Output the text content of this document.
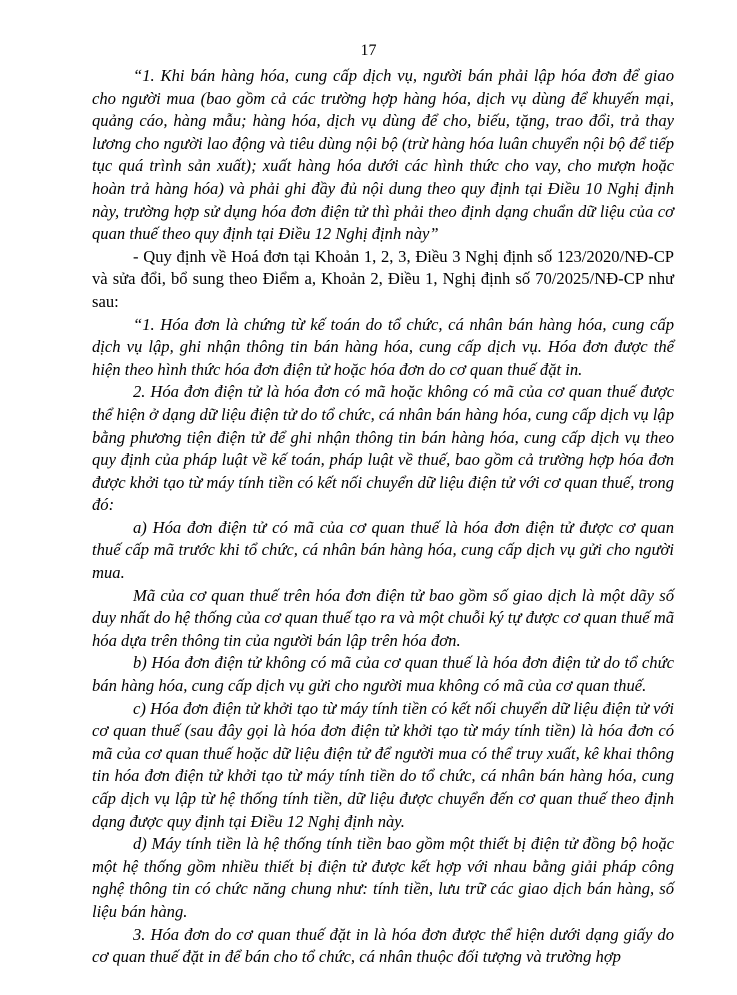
17

“1. Khi bán hàng hóa, cung cấp dịch vụ, người bán phải lập hóa đơn để giao cho người mua (bao gồm cả các trường hợp hàng hóa, dịch vụ dùng để khuyến mại, quảng cáo, hàng mẫu; hàng hóa, dịch vụ dùng để cho, biếu, tặng, trao đổi, trả thay lương cho người lao động và tiêu dùng nội bộ (trừ hàng hóa luân chuyển nội bộ để tiếp tục quá trình sản xuất); xuất hàng hóa dưới các hình thức cho vay, cho mượn hoặc hoàn trả hàng hóa) và phải ghi đầy đủ nội dung theo quy định tại Điều 10 Nghị định này, trường hợp sử dụng hóa đơn điện tử thì phải theo định dạng chuẩn dữ liệu của cơ quan thuế theo quy định tại Điều 12 Nghị định này”

- Quy định về Hoá đơn tại Khoản 1, 2, 3, Điều 3 Nghị định số 123/2020/NĐ-CP và sửa đổi, bổ sung theo Điểm a, Khoản 2, Điều 1, Nghị định số 70/2025/NĐ-CP như sau:

“1. Hóa đơn là chứng từ kế toán do tổ chức, cá nhân bán hàng hóa, cung cấp dịch vụ lập, ghi nhận thông tin bán hàng hóa, cung cấp dịch vụ. Hóa đơn được thể hiện theo hình thức hóa đơn điện tử hoặc hóa đơn do cơ quan thuế đặt in.

2. Hóa đơn điện tử là hóa đơn có mã hoặc không có mã của cơ quan thuế được thể hiện ở dạng dữ liệu điện tử do tổ chức, cá nhân bán hàng hóa, cung cấp dịch vụ lập bằng phương tiện điện tử để ghi nhận thông tin bán hàng hóa, cung cấp dịch vụ theo quy định của pháp luật về kế toán, pháp luật về thuế, bao gồm cả trường hợp hóa đơn được khởi tạo từ máy tính tiền có kết nối chuyển dữ liệu điện tử với cơ quan thuế, trong đó:

a) Hóa đơn điện tử có mã của cơ quan thuế là hóa đơn điện tử được cơ quan thuế cấp mã trước khi tổ chức, cá nhân bán hàng hóa, cung cấp dịch vụ gửi cho người mua.

Mã của cơ quan thuế trên hóa đơn điện tử bao gồm số giao dịch là một dãy số duy nhất do hệ thống của cơ quan thuế tạo ra và một chuỗi ký tự được cơ quan thuế mã hóa dựa trên thông tin của người bán lập trên hóa đơn.

b) Hóa đơn điện tử không có mã của cơ quan thuế là hóa đơn điện tử do tổ chức bán hàng hóa, cung cấp dịch vụ gửi cho người mua không có mã của cơ quan thuế.

c) Hóa đơn điện tử khởi tạo từ máy tính tiền có kết nối chuyển dữ liệu điện tử với cơ quan thuế (sau đây gọi là hóa đơn điện tử khởi tạo từ máy tính tiền) là hóa đơn có mã của cơ quan thuế hoặc dữ liệu điện tử để người mua có thể truy xuất, kê khai thông tin hóa đơn điện tử khởi tạo từ máy tính tiền do tổ chức, cá nhân bán hàng hóa, cung cấp dịch vụ lập từ hệ thống tính tiền, dữ liệu được chuyển đến cơ quan thuế theo định dạng được quy định tại Điều 12 Nghị định này.

d) Máy tính tiền là hệ thống tính tiền bao gồm một thiết bị điện tử đồng bộ hoặc một hệ thống gồm nhiều thiết bị điện tử được kết hợp với nhau bằng giải pháp công nghệ thông tin có chức năng chung như: tính tiền, lưu trữ các giao dịch bán hàng, số liệu bán hàng.

3. Hóa đơn do cơ quan thuế đặt in là hóa đơn được thể hiện dưới dạng giấy do cơ quan thuế đặt in để bán cho tổ chức, cá nhân thuộc đối tượng và trường hợp
